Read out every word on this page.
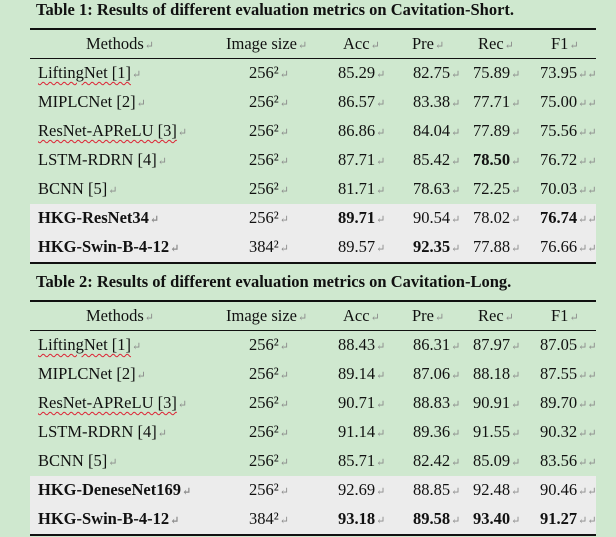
Table 1: Results of different evaluation metrics on Cavitation-Short.
Methods↵	Image size↵ Acc↵ Pre↵ Rec↵ F1↵
LiftingNet [1]↵	256²↵	85.29↵ 82.75↵ 75.89↵ 73.95↵↵
MIPLCNet [2]↵	256²↵	86.57↵ 83.38↵ 77.71↵ 75.00↵↵
ResNet-APReLU [3]↵	256²↵	86.86↵ 84.04↵ 77.89↵ 75.56↵↵
LSTM-RDRN [4]↵	256²↵	87.71↵ 85.42↵ 78.50↵ 76.72↵↵
BCNN [5]↵	256²↵	81.71↵ 78.63↵ 72.25↵ 70.03↵↵
HKG-ResNet34↵	256²↵	89.71↵ 90.54↵ 78.02↵ 76.74↵↵
HKG-Swin-B-4-12↵	384²↵	89.57↵ 92.35↵ 77.88↵ 76.66↵↵
Table 2: Results of different evaluation metrics on Cavitation-Long.
Methods↵	Image size↵ Acc↵ Pre↵ Rec↵ F1↵
LiftingNet [1]↵	256²↵	88.43↵ 86.31↵ 87.97↵ 87.05↵↵
MIPLCNet [2]↵	256²↵	89.14↵ 87.06↵ 88.18↵ 87.55↵↵
ResNet-APReLU [3]↵	256²↵	90.71↵ 88.83↵ 90.91↵ 89.70↵↵
LSTM-RDRN [4]↵	256²↵	91.14↵ 89.36↵ 91.55↵ 90.32↵↵
BCNN [5]↵	256²↵	85.71↵ 82.42↵ 85.09↵ 83.56↵↵
HKG-DeneseNet169↵	256²↵	92.69↵ 88.85↵ 92.48↵ 90.46↵↵
HKG-Swin-B-4-12↵	384²↵	93.18↵ 89.58↵ 93.40↵ 91.27↵↵
